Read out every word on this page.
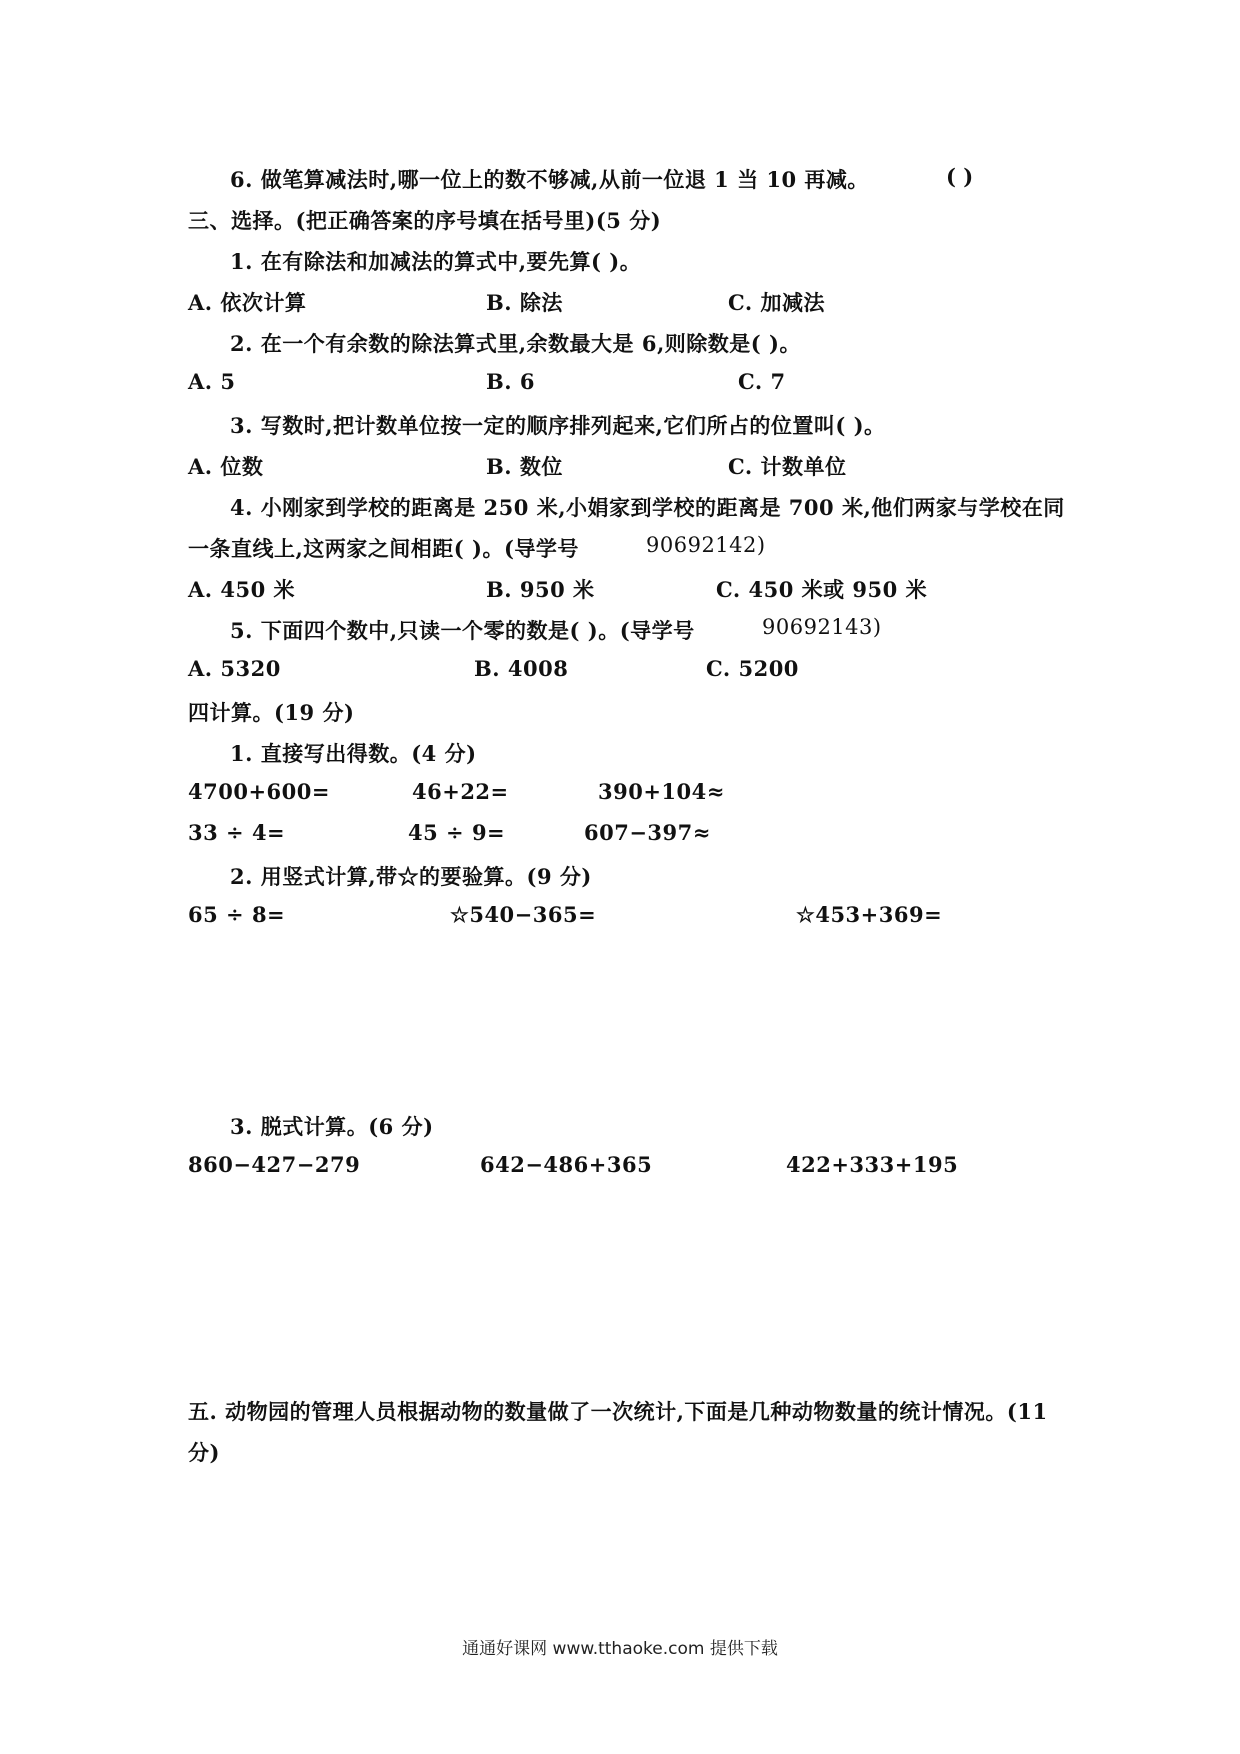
6. 做笔算减法时,哪一位上的数不够减,从前一位退 1 当 10 再减。	( )
三、选择。(把正确答案的序号填在括号里)(5 分)
1. 在有除法和加减法的算式中,要先算( )。
A. 依次计算	B. 除法	C. 加减法
2. 在一个有余数的除法算式里,余数最大是 6,则除数是( )。
A. 5	B. 6	C. 7
3. 写数时,把计数单位按一定的顺序排列起来,它们所占的位置叫( )。
A. 位数	B. 数位	C. 计数单位
4. 小刚家到学校的距离是 250 米,小娟家到学校的距离是 700 米,他们两家与学校在同
一条直线上,这两家之间相距( )。(导学号	90692142)
A. 450 米	B. 950 米	C. 450 米或 950 米
5. 下面四个数中,只读一个零的数是( )。(导学号	90692143)
A. 5320	B. 4008	C. 5200
四计算。(19 分)
1. 直接写出得数。(4 分)
4700+600=	46+22=	390+104≈
33 ÷ 4=	45 ÷ 9=	607−397≈
2. 用竖式计算,带☆的要验算。(9 分)
65 ÷ 8=	☆540−365=	☆453+369=
3. 脱式计算。(6 分)
860−427−279	642−486+365	422+333+195
五. 动物园的管理人员根据动物的数量做了一次统计,下面是几种动物数量的统计情况。(11
分)
通通好课网 www.tthaoke.com 提供下载
